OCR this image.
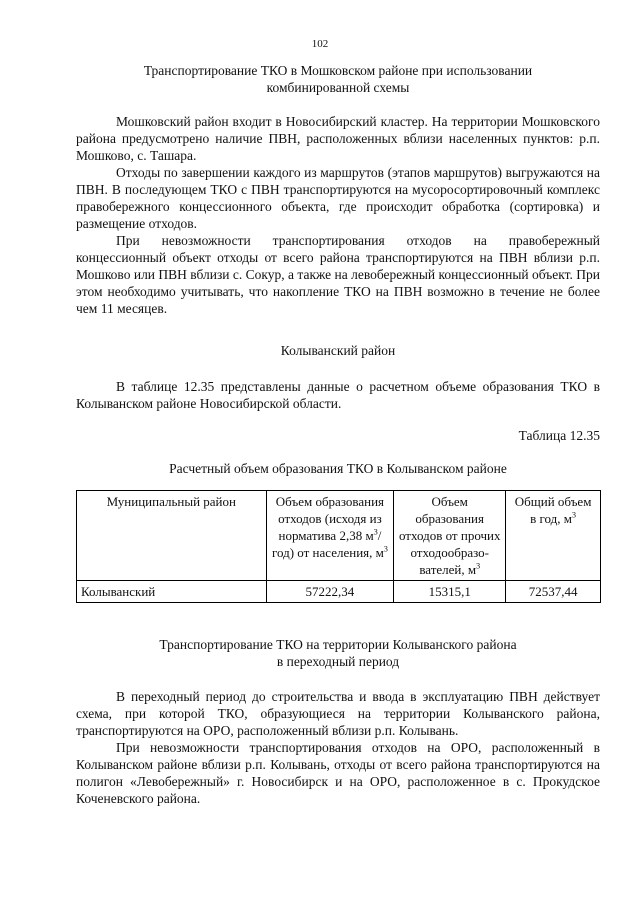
102
Транспортирование ТКО в Мошковском районе при использовании
комбинированной схемы

Мошковский район входит в Новосибирский кластер. На территории Мошковского района предусмотрено наличие ПВН, расположенных вблизи населенных пунктов: р.п. Мошково, с. Ташара.

Отходы по завершении каждого из маршрутов (этапов маршрутов) выгружаются на ПВН. В последующем ТКО с ПВН транспортируются на мусоросортировочный комплекс правобережного концессионного объекта, где происходит обработка (сортировка) и размещение отходов.

При невозможности транспортирования отходов на правобережный концессионный объект отходы от всего района транспортируются на ПВН вблизи р.п. Мошково или ПВН вблизи с. Сокур, а также на левобережный концессионный объект. При этом необходимо учитывать, что накопление ТКО на ПВН возможно в течение не более чем 11 месяцев.

Колыванский район

В таблице 12.35 представлены данные о расчетном объеме образования ТКО в Колыванском районе Новосибирской области.

Таблица 12.35
Расчетный объем образования ТКО в Колыванском районе
Муниципальный район	Объем образования отходов (исходя из норматива 2,38 $м^3/год$) от населения, $м^3$	Объем образования отходов от прочих отходообразо-вателей, $м^3$	Общий объем в год, $м^3$
Колыванский	57222,34	15315,1	72537,44
Транспортирование ТКО на территории Колыванского района
в переходный период

В переходный период до строительства и ввода в эксплуатацию ПВН действует схема, при которой ТКО, образующиеся на территории Колыванского района, транспортируются на ОРО, расположенный вблизи р.п. Колывань.

При невозможности транспортирования отходов на ОРО, расположенный в Колыванском районе вблизи р.п. Колывань, отходы от всего района транспортируются на полигон «Левобережный» г. Новосибирск и на ОРО, расположенное в с. Прокудское Коченевского района.
